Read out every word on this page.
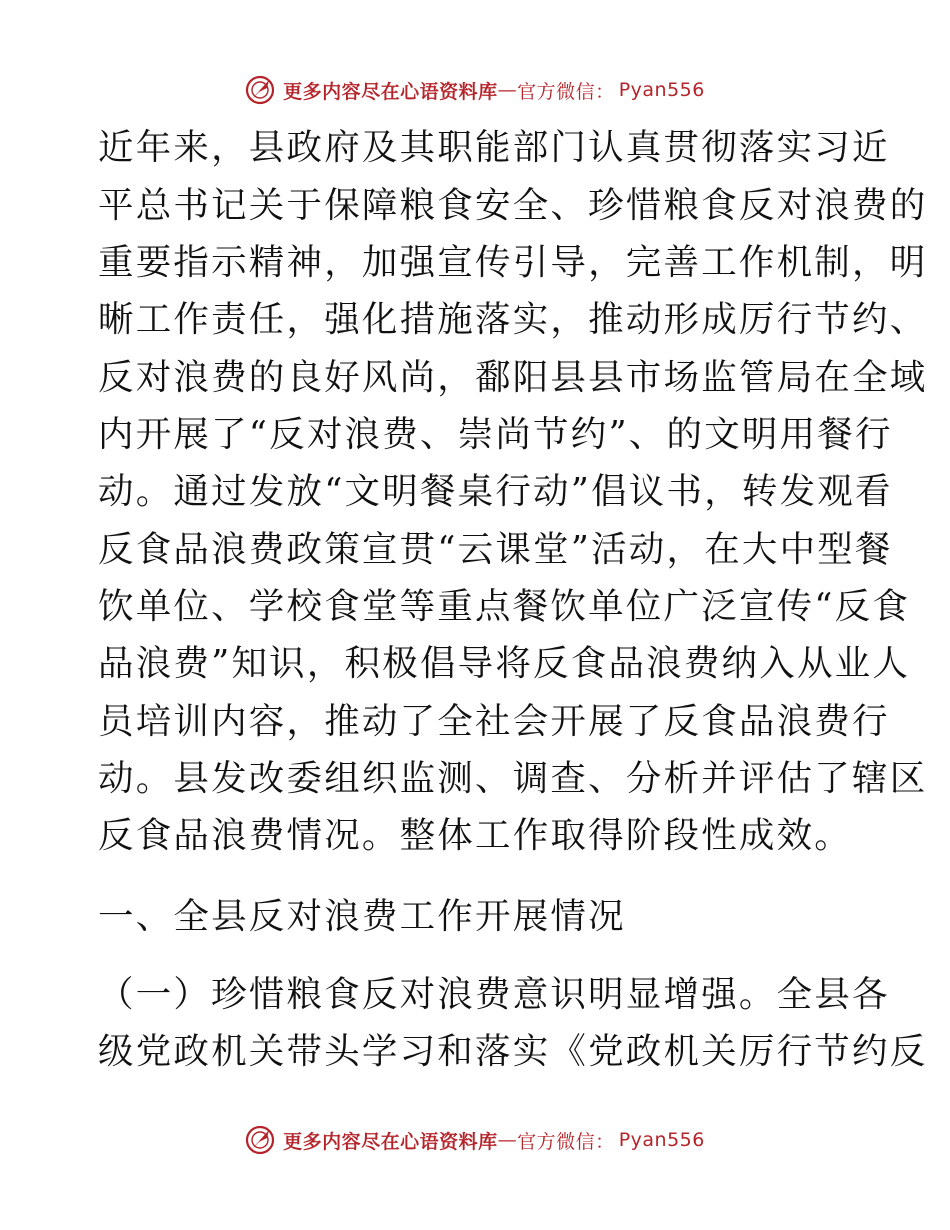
更多内容尽在心语资料库 — 官方微信： Pyan556
近年来，县政府及其职能部门认真贯彻落实习近
平总书记关于保障粮食安全、珍惜粮食反对浪费的
重要指示精神，加强宣传引导，完善工作机制，明
晰工作责任，强化措施落实，推动形成厉行节约、
反对浪费的良好风尚，鄱阳县县市场监管局在全域
内开展了“反对浪费、崇尚节约”、的文明用餐行
动。通过发放“文明餐桌行动”倡议书，转发观看
反食品浪费政策宣贯“云课堂”活动，在大中型餐
饮单位、学校食堂等重点餐饮单位广泛宣传“反食
品浪费”知识，积极倡导将反食品浪费纳入从业人
员培训内容，推动了全社会开展了反食品浪费行
动。县发改委组织监测、调查、分析并评估了辖区
反食品浪费情况。整体工作取得阶段性成效。
一、全县反对浪费工作开展情况
（一）珍惜粮食反对浪费意识明显增强。全县各
级党政机关带头学习和落实《党政机关厉行节约反
更多内容尽在心语资料库 — 官方微信： Pyan556
